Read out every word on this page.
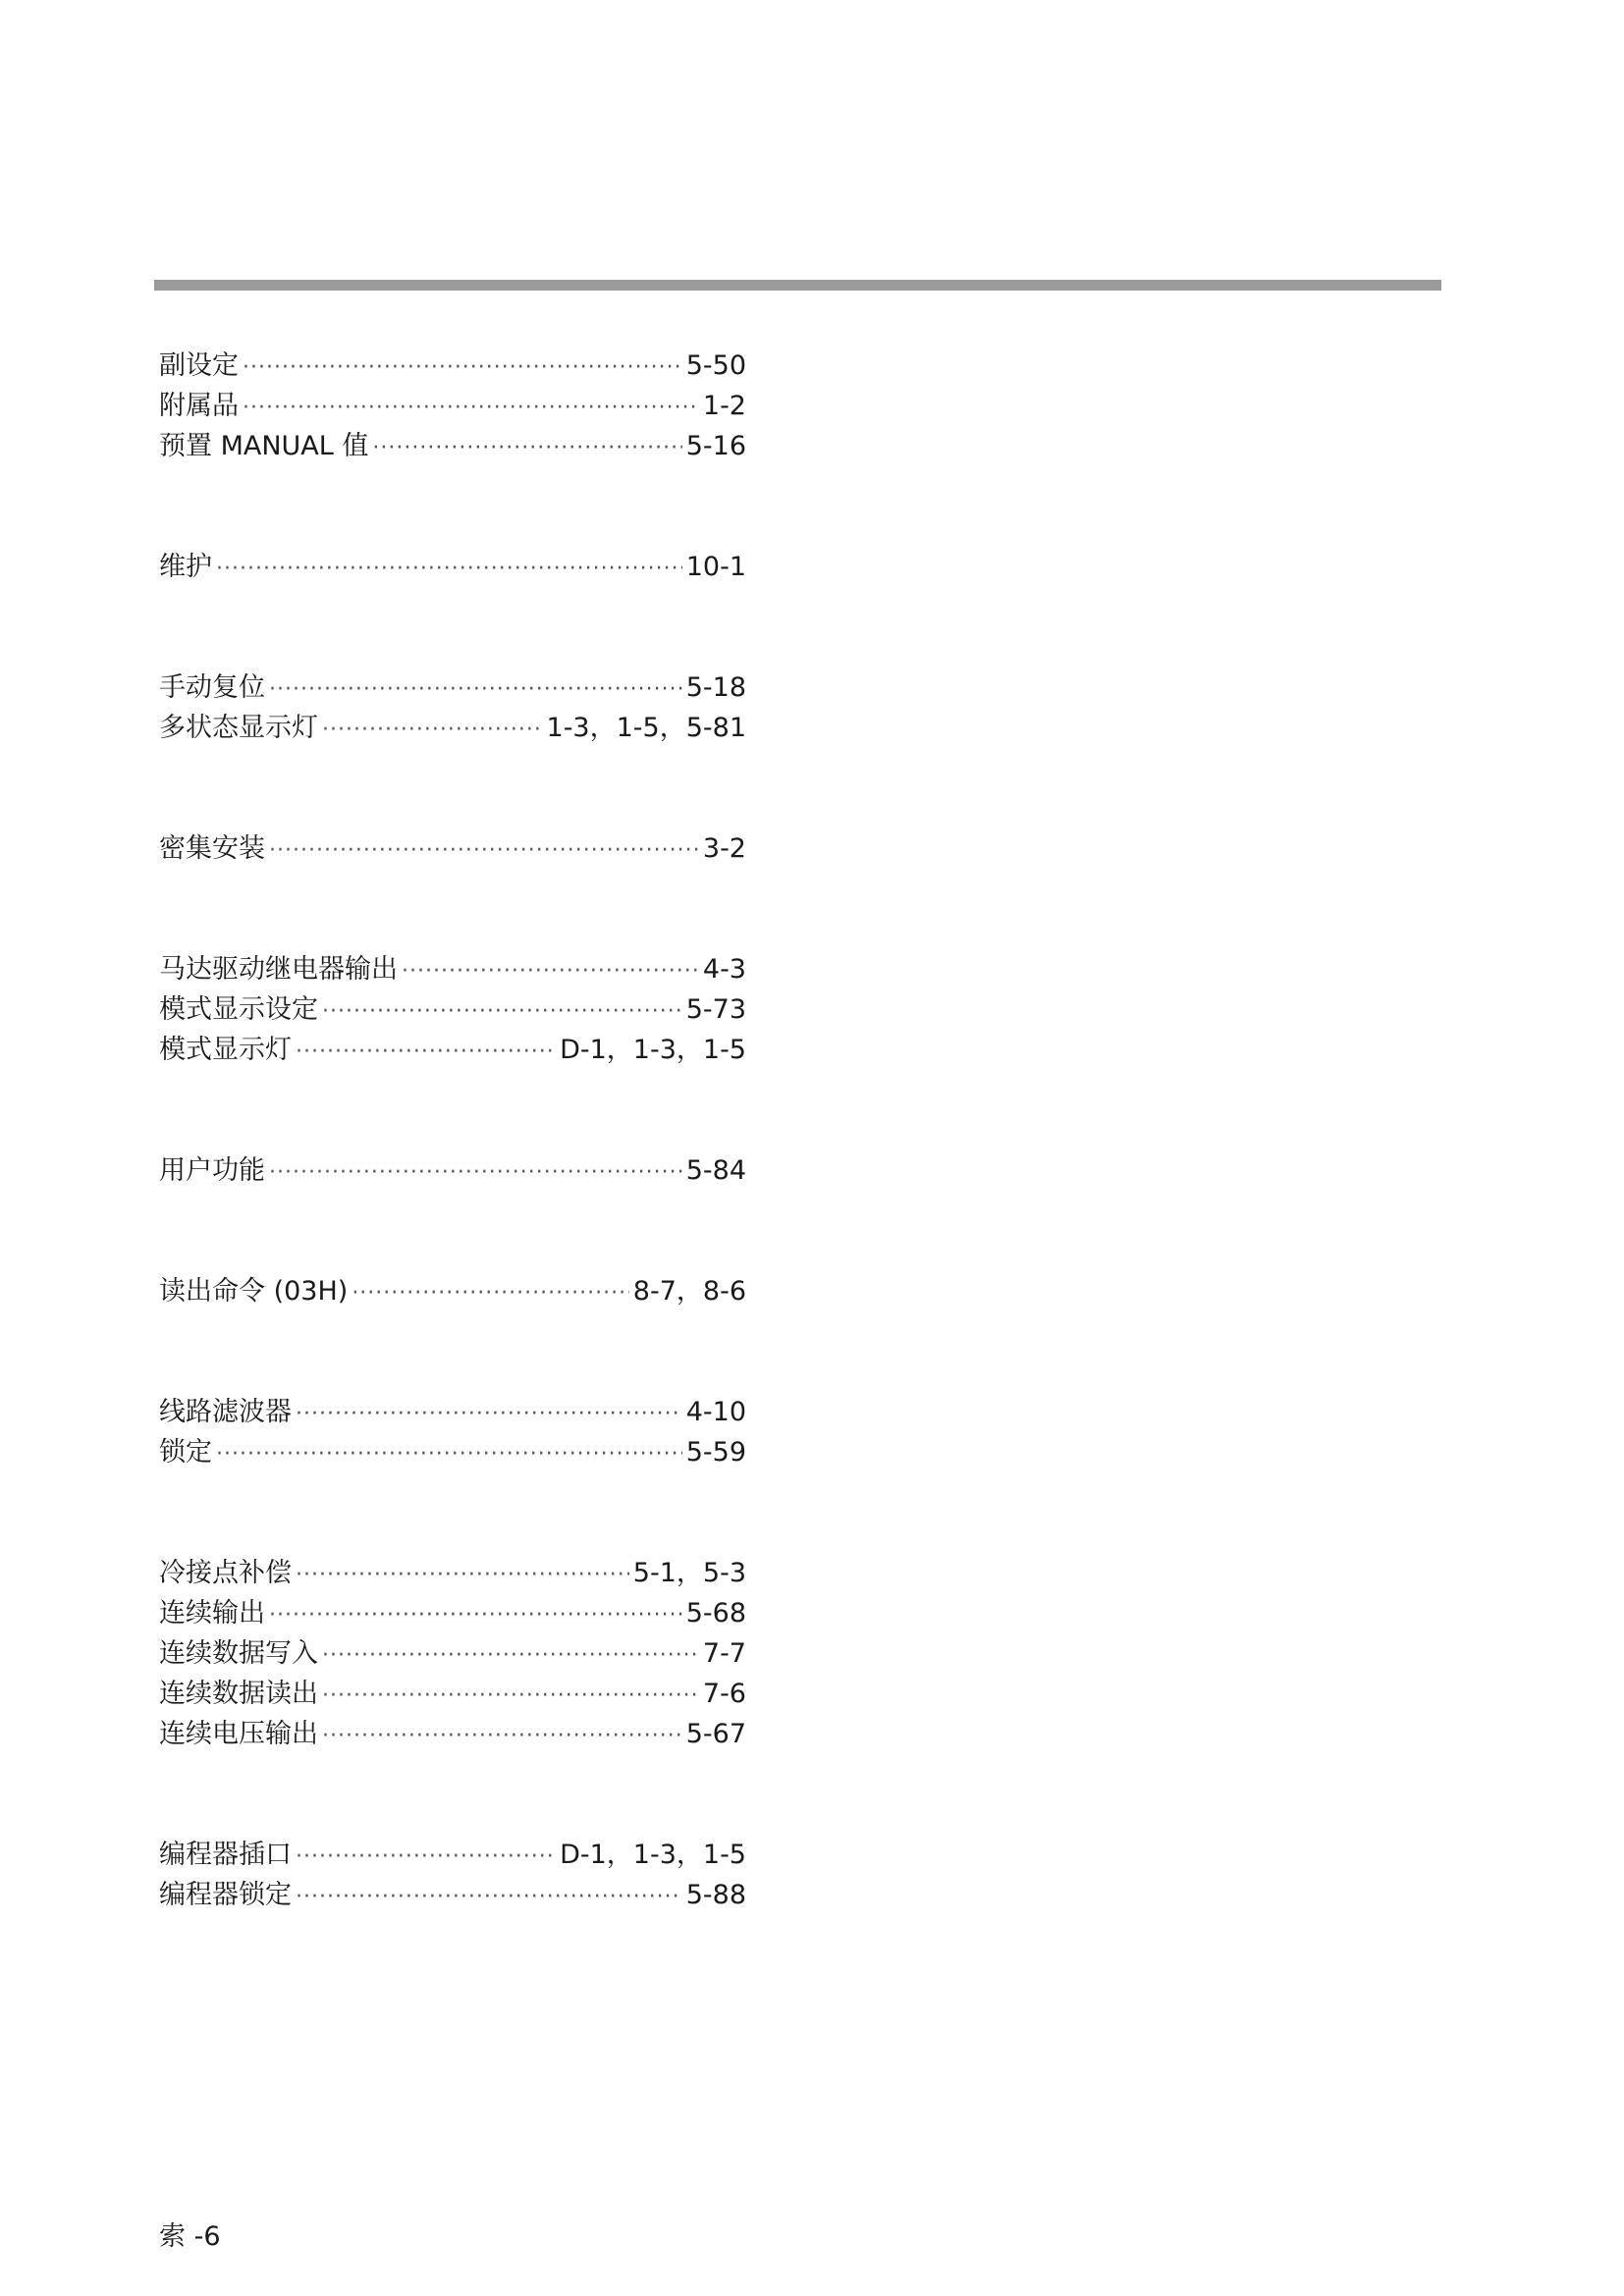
副设定 ·····	5-50
附属品 ·····	1-2
预置 MANUAL 值 ·····	5-16
维护 ·····	10-1
手动复位 ·····	5-18
多状态显示灯 ·····	1-3，1-5，5-81
密集安装 ·····	3-2
马达驱动继电器输出 ·····	4-3
模式显示设定 ·····	5-73
模式显示灯 ·····	D-1，1-3，1-5
用户功能 ·····	5-84
读出命令 (03H) ·····	8-7，8-6
线路滤波器 ·····	4-10
锁定 ·····	5-59
冷接点补偿 ·····	5-1，5-3
连续输出 ·····	5-68
连续数据写入 ·····	7-7
连续数据读出 ·····	7-6
连续电压输出 ·····	5-67
编程器插口 ·····	D-1，1-3，1-5
编程器锁定 ·····	5-88
索 -6
